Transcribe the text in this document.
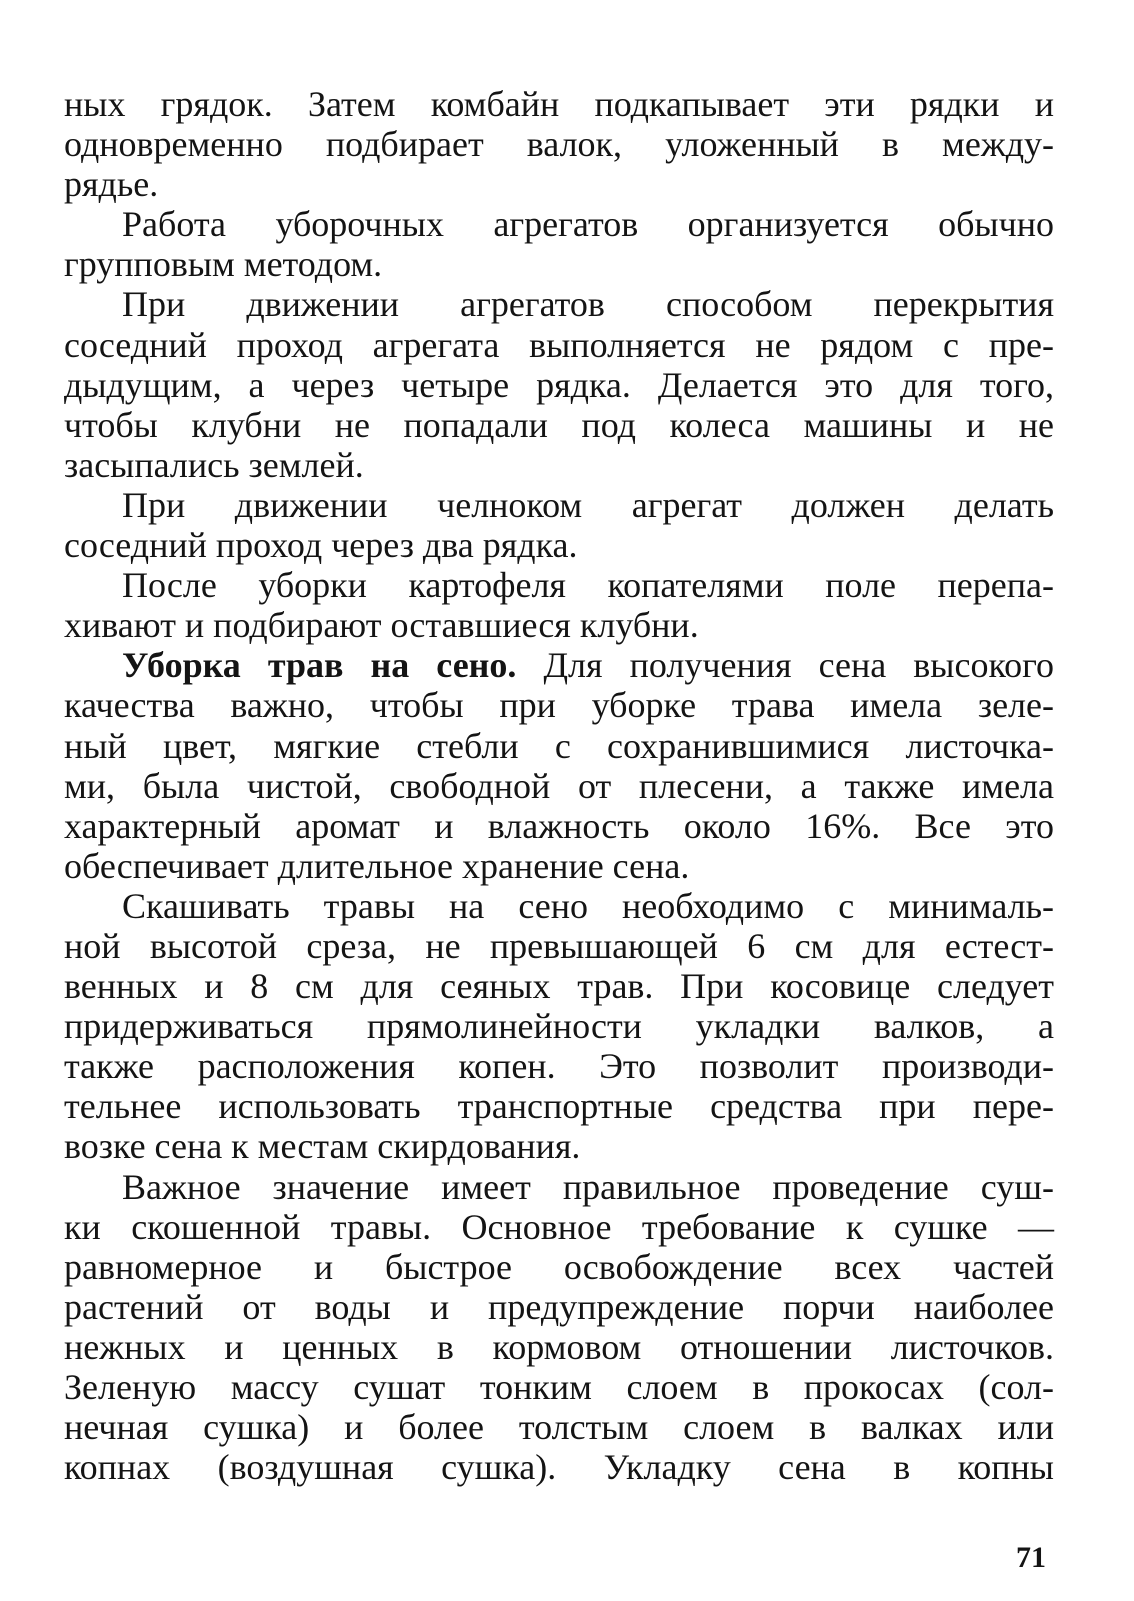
ных грядок. Затем комбайн подкапывает эти рядки и
одновременно подбирает валок, уложенный в между-
рядье.
Работа уборочных агрегатов организуется обычно
групповым методом.
При движении агрегатов способом перекрытия
соседний проход агрегата выполняется не рядом с пре-
дыдущим, а через четыре рядка. Делается это для того,
чтобы клубни не попадали под колеса машины и не
засыпались землей.
При движении челноком агрегат должен делать
соседний проход через два рядка.
После уборки картофеля копателями поле перепа-
хивают и подбирают оставшиеся клубни.
Уборка трав на сено. Для получения сена высокого
качества важно, чтобы при уборке трава имела зеле-
ный цвет, мягкие стебли с сохранившимися листочка-
ми, была чистой, свободной от плесени, а также имела
характерный аромат и влажность около 16%. Все это
обеспечивает длительное хранение сена.
Скашивать травы на сено необходимо с минималь-
ной высотой среза, не превышающей 6 см для естест-
венных и 8 см для сеяных трав. При косовице следует
придерживаться прямолинейности укладки валков, а
также расположения копен. Это позволит производи-
тельнее использовать транспортные средства при пере-
возке сена к местам скирдования.
Важное значение имеет правильное проведение суш-
ки скошенной травы. Основное требование к сушке —
равномерное и быстрое освобождение всех частей
растений от воды и предупреждение порчи наиболее
нежных и ценных в кормовом отношении листочков.
Зеленую массу сушат тонким слоем в прокосах (сол-
нечная сушка) и более толстым слоем в валках или
копнах (воздушная сушка). Укладку сена в копны
71
